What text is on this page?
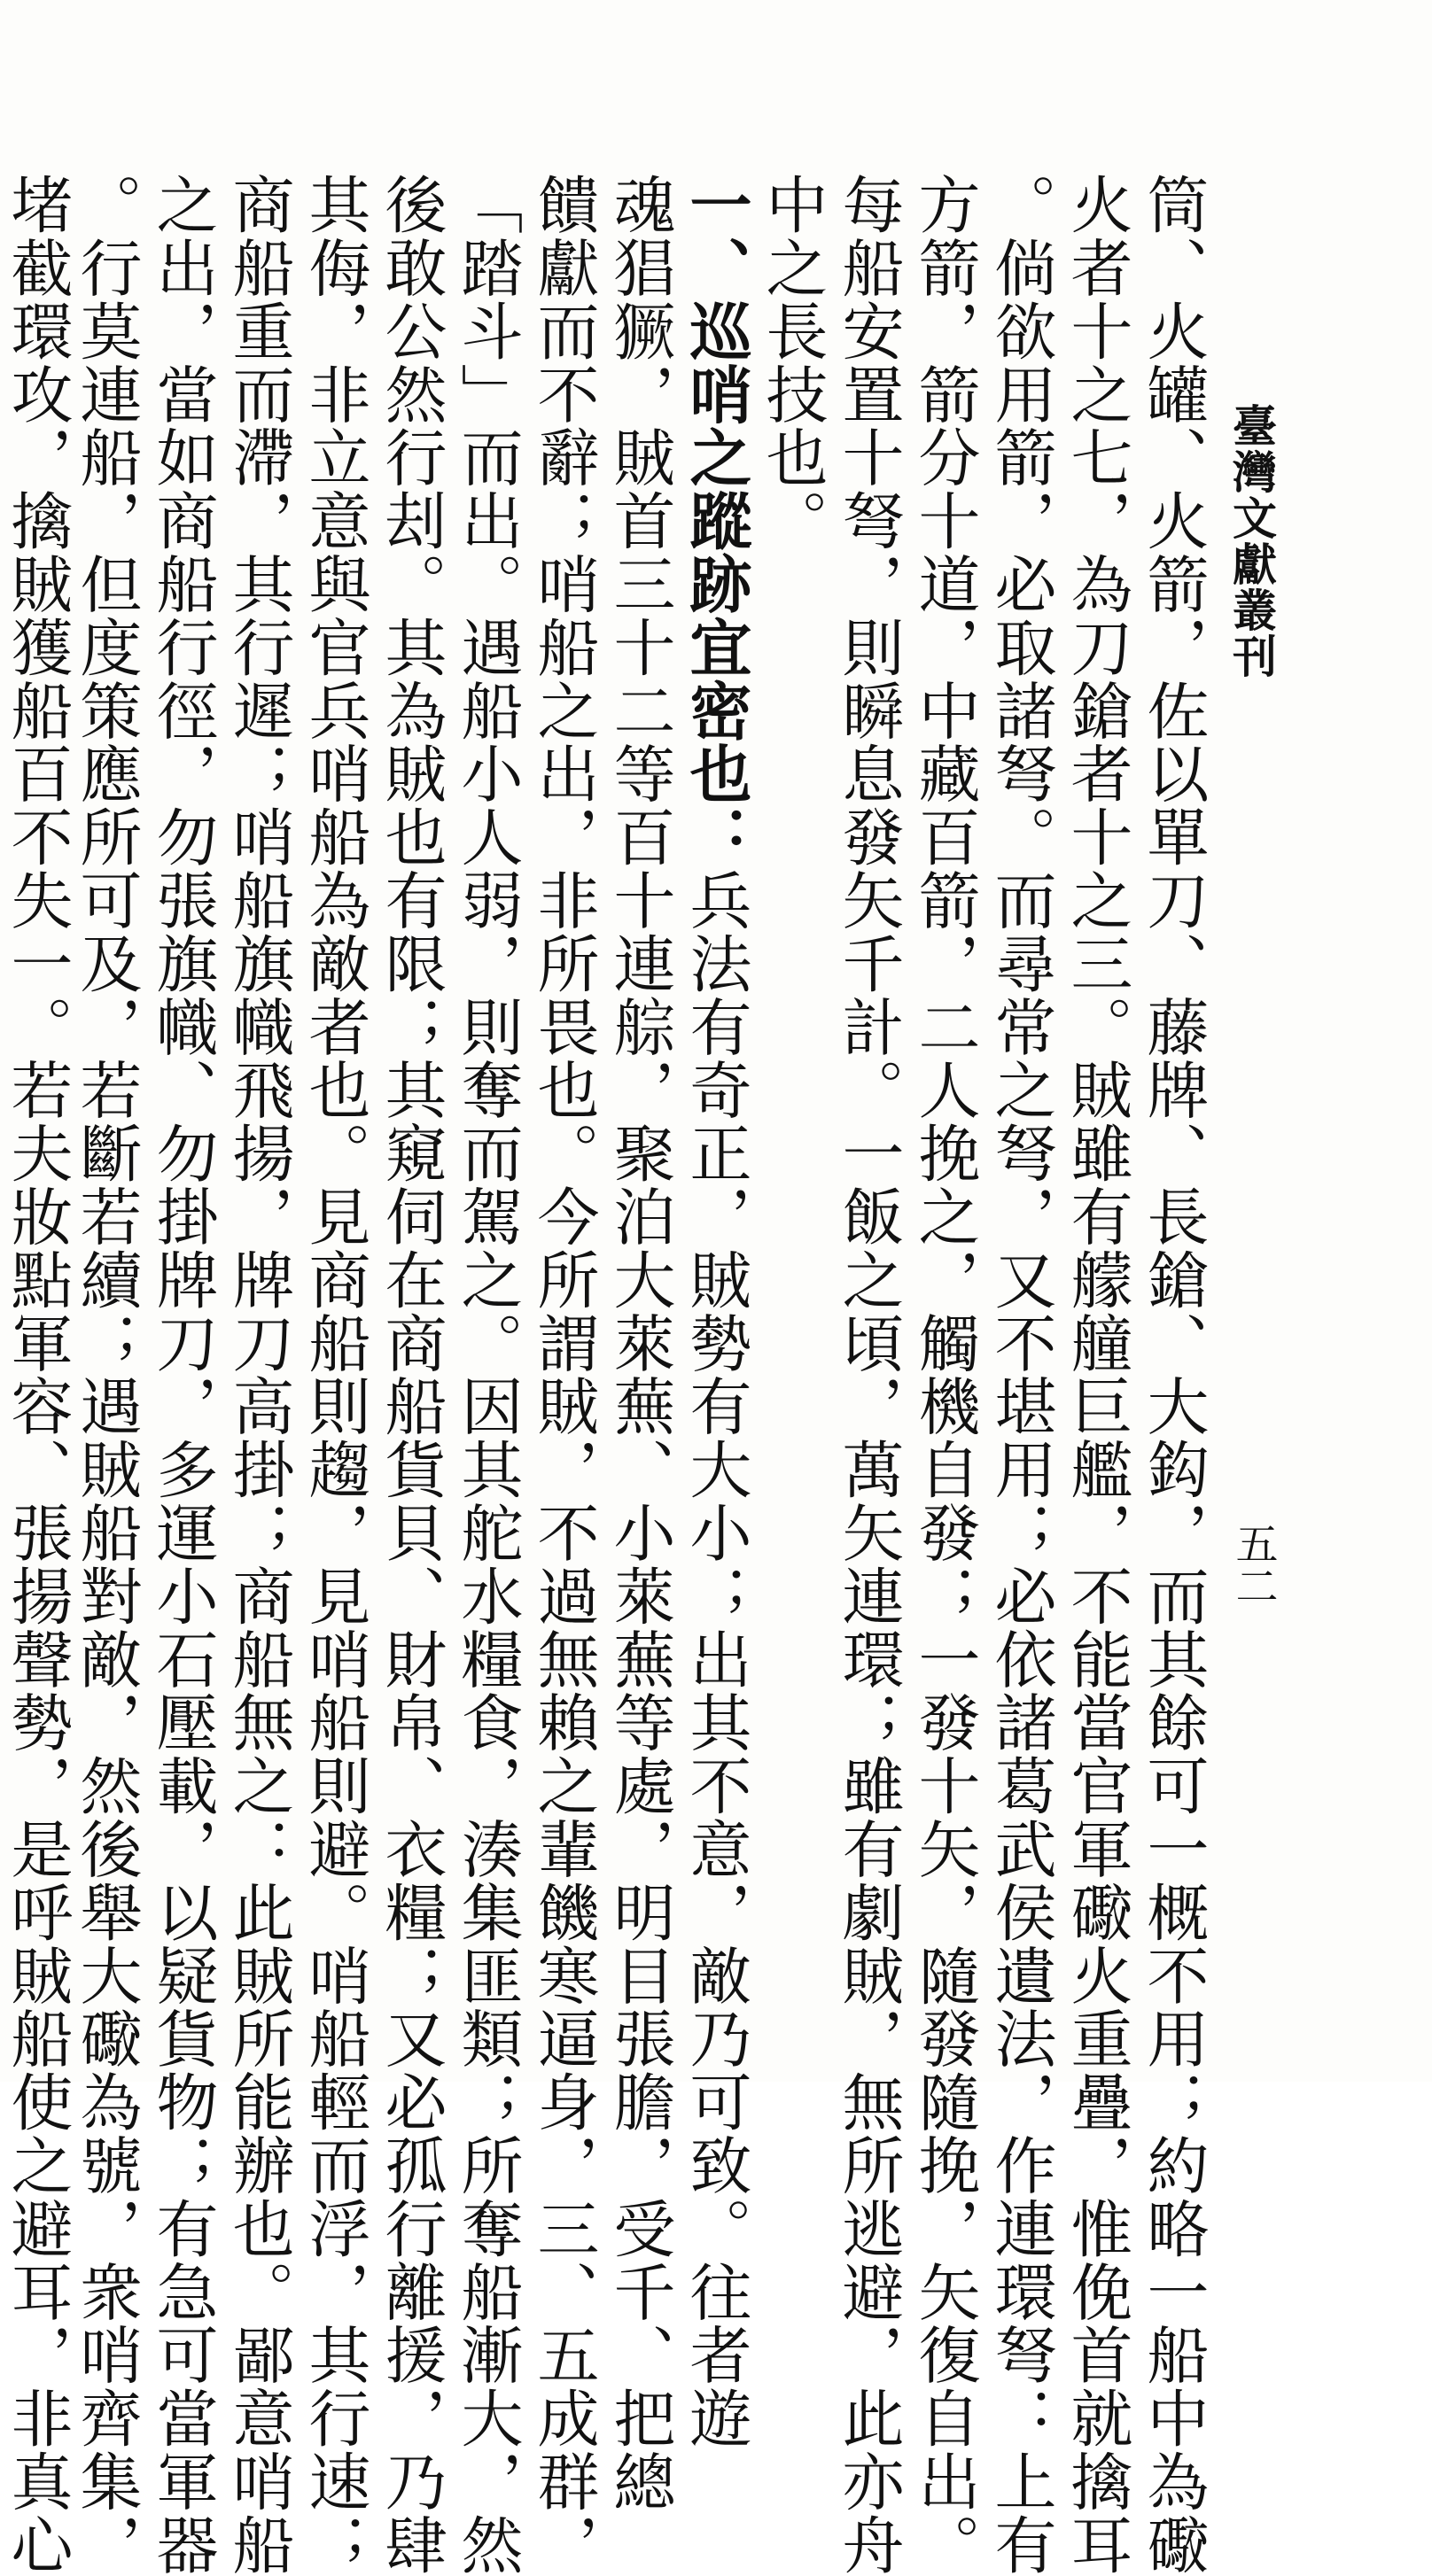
臺灣文獻叢刊
五二
筒、火罐、火箭，佐以單刀、藤牌、長鎗、大鈎，而其餘可一概不用；約略一船中為礮
火者十之七，為刀鎗者十之三。賊雖有艨艟巨艦，不能當官軍礮火重疊，惟俛首就擒耳
。倘欲用箭，必取諸弩。而尋常之弩，又不堪用；必依諸葛武侯遺法，作連環弩：上有
方箭，箭分十道，中藏百箭，二人挽之，觸機自發；一發十矢，隨發隨挽，矢復自出。
每船安置十弩，則瞬息發矢千計。一飯之頃，萬矢連環；雖有劇賊，無所逃避，此亦舟
中之長技也。
一、巡哨之蹤跡宜密也：兵法有奇正，賊勢有大小；出其不意，敵乃可致。往者遊
魂猖獗，賊首三十二等百十連䑸，聚泊大萊蕪、小萊蕪等處，明目張膽，受千、把總
饋獻而不辭；哨船之出，非所畏也。今所謂賊，不過無賴之輩饑寒逼身，三、五成群，
「踏斗」而出。遇船小人弱，則奪而駕之。因其舵水糧食，湊集匪類；所奪船漸大，然
後敢公然行刦。其為賊也有限；其窺伺在商船貨貝、財帛、衣糧；又必孤行離援，乃肆
其侮，非立意與官兵哨船為敵者也。見商船則趨，見哨船則避。哨船輕而浮，其行速；
商船重而滯，其行遲；哨船旗幟飛揚，牌刀高掛；商船無之：此賊所能辦也。鄙意哨船
之出，當如商船行徑，勿張旗幟、勿掛牌刀，多運小石壓載，以疑貨物；有急可當軍器
。行莫連船，但度策應所可及，若斷若續；遇賊船對敵，然後舉大礮為號，衆哨齊集，
堵截環攻，擒賊獲船百不失一。若夫妝點軍容、張揚聲勢，是呼賊船使之避耳，非真心
